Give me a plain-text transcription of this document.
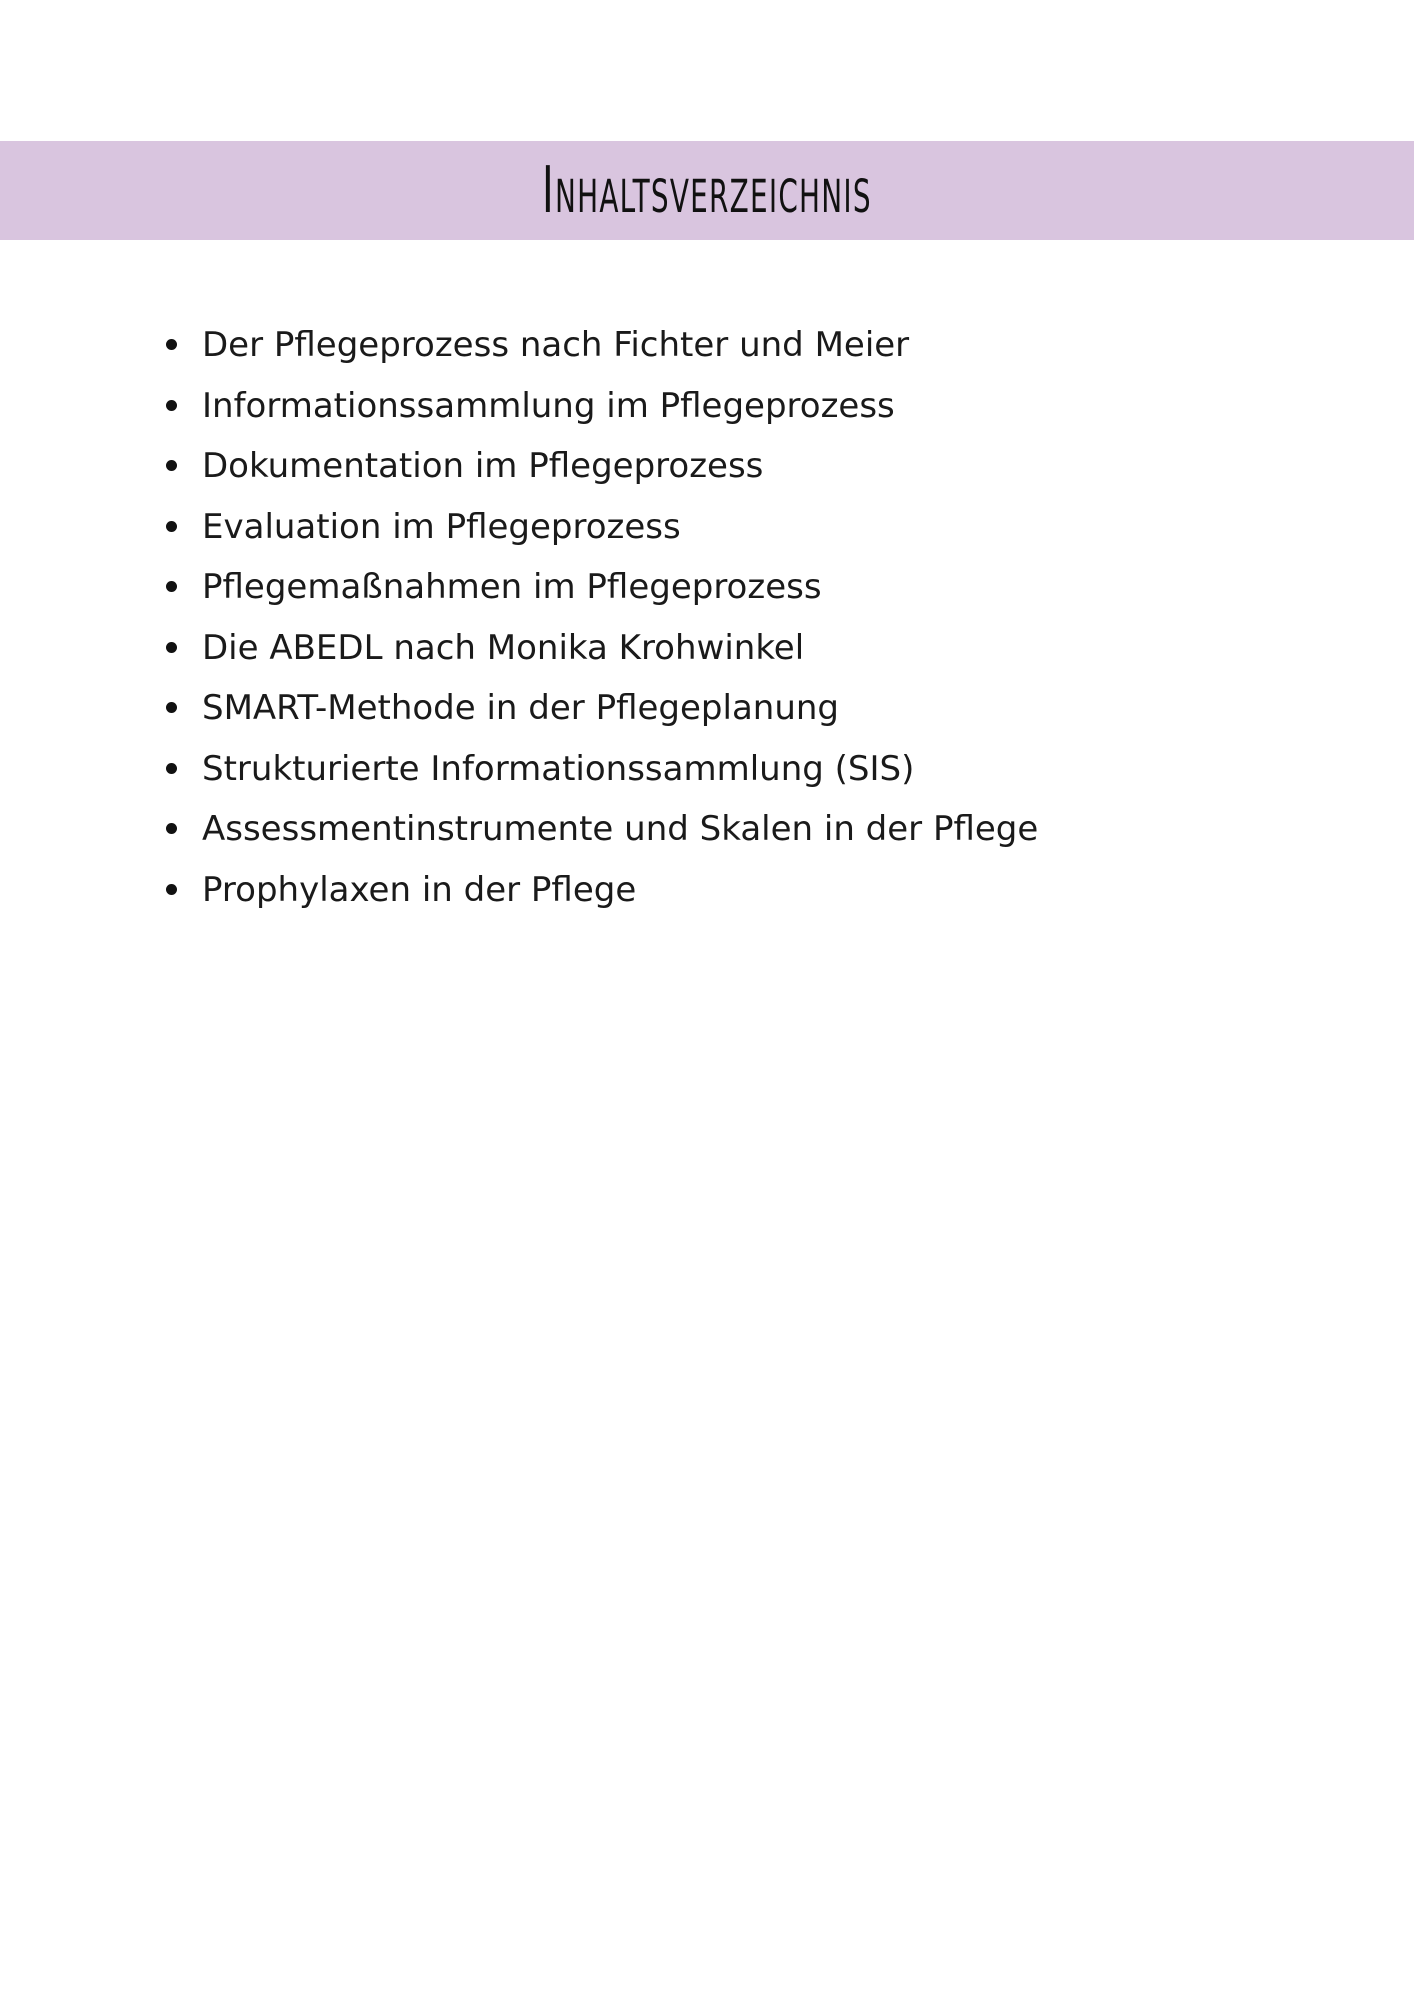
Inhaltsverzeichnis
Der Pflegeprozess nach Fichter und Meier
Informationssammlung im Pflegeprozess
Dokumentation im Pflegeprozess
Evaluation im Pflegeprozess
Pflegemaßnahmen im Pflegeprozess
Die ABEDL nach Monika Krohwinkel
SMART-Methode in der Pflegeplanung
Strukturierte Informationssammlung (SIS)
Assessmentinstrumente und Skalen in der Pflege
Prophylaxen in der Pflege
